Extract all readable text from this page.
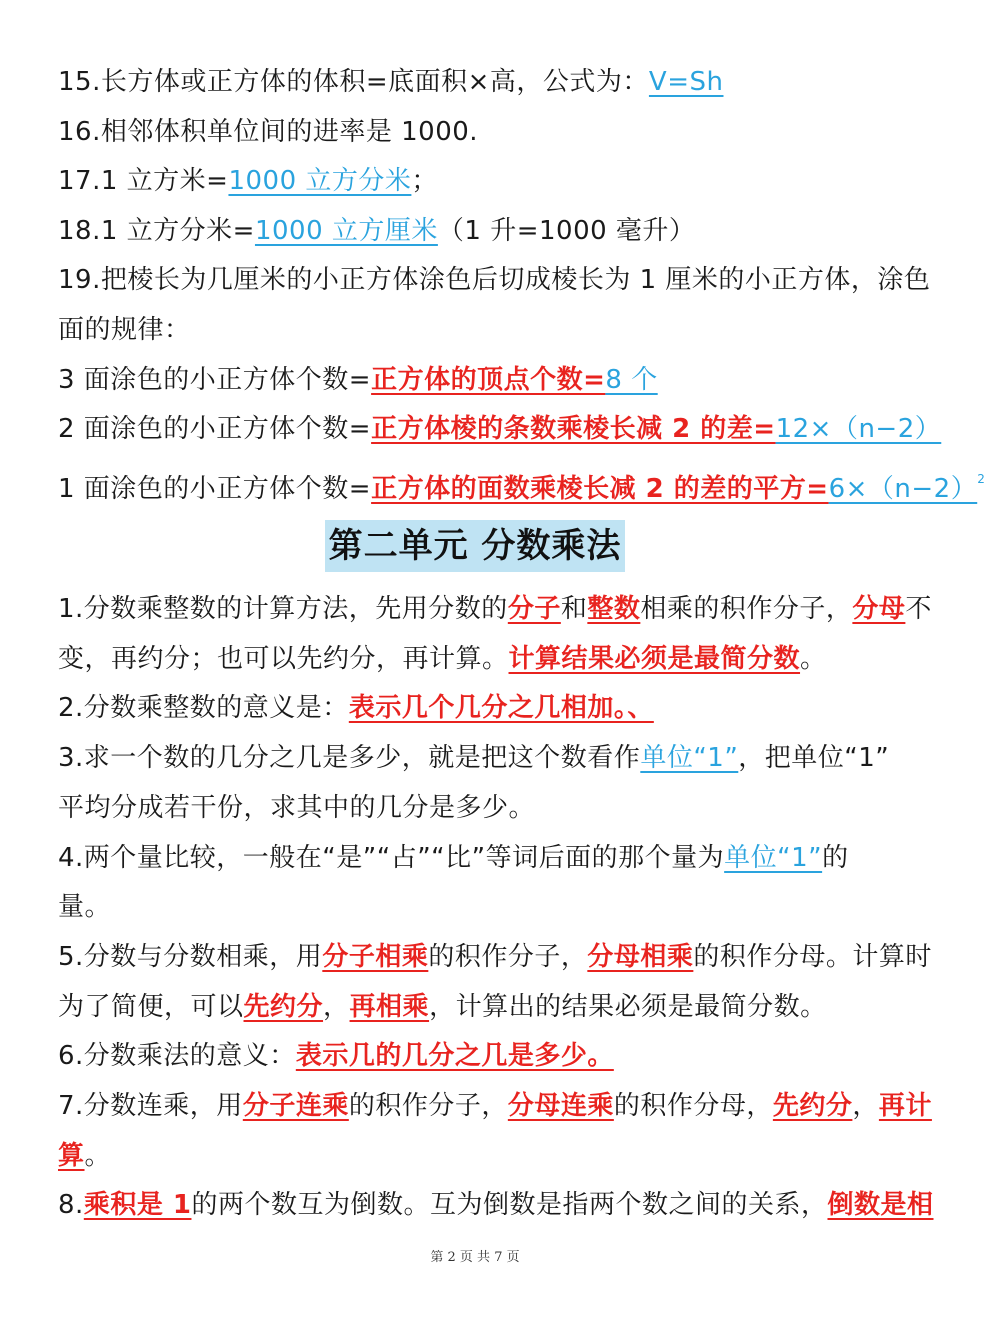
15.长方体或正方体的体积=底面积×高，公式为：V=Sh
16.相邻体积单位间的进率是 1000.
17.1 立方米=1000 立方分米；
18.1 立方分米=1000 立方厘米（1 升=1000 毫升）
19.把棱长为几厘米的小正方体涂色后切成棱长为 1 厘米的小正方体，涂色
面的规律：
3 面涂色的小正方体个数=正方体的顶点个数=8 个
2 面涂色的小正方体个数=正方体棱的条数乘棱长减 2 的差=12×（n−2）
1 面涂色的小正方体个数=正方体的面数乘棱长减 2 的差的平方$=6\times(n-2)^2$
第二单元 分数乘法
1.分数乘整数的计算方法，先用分数的分子和整数相乘的积作分子，分母不
变，再约分；也可以先约分，再计算。计算结果必须是最简分数。
2.分数乘整数的意义是：表示几个几分之几相加。、
3.求一个数的几分之几是多少，就是把这个数看作单位“1”，把单位“1”
平均分成若干份，求其中的几分是多少。
4.两个量比较，一般在“是”“占”“比”等词后面的那个量为单位“1”的
量。
5.分数与分数相乘，用分子相乘的积作分子，分母相乘的积作分母。计算时
为了简便，可以先约分，再相乘，计算出的结果必须是最简分数。
6.分数乘法的意义：表示几的几分之几是多少。
7.分数连乘，用分子连乘的积作分子，分母连乘的积作分母，先约分，再计
算。
8.乘积是 1的两个数互为倒数。互为倒数是指两个数之间的关系，倒数是相
第 2 页 共 7 页
